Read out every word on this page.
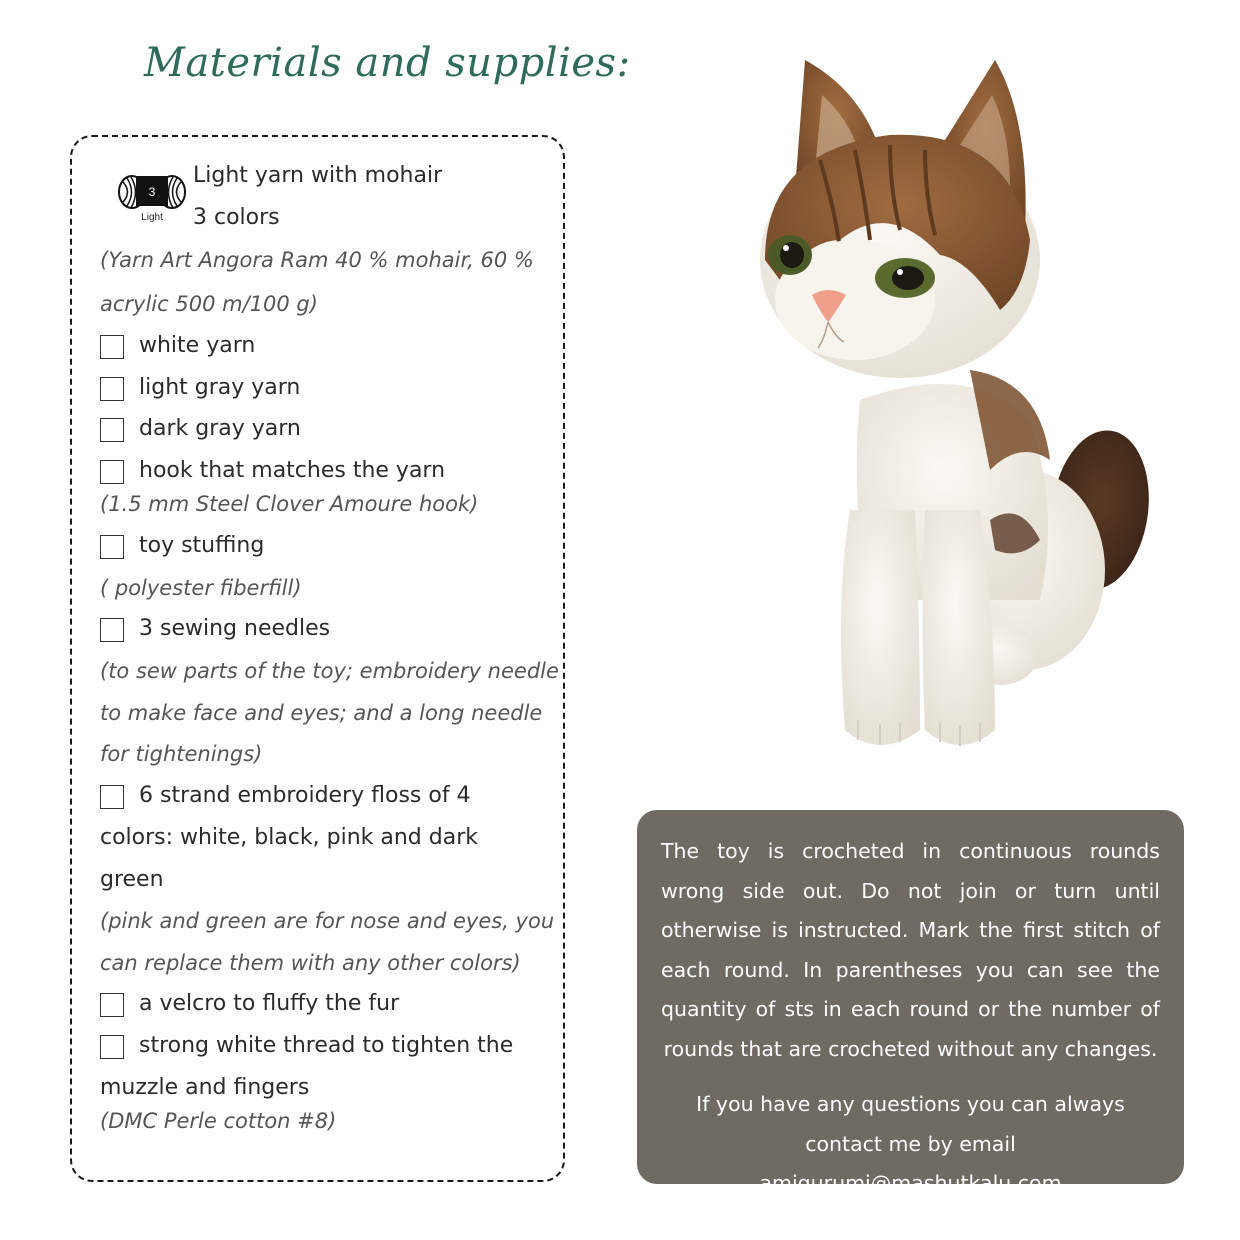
Materials and supplies:
3
Light
Light yarn with mohair
3 colors
(Yarn Art Angora Ram 40 % mohair, 60 %
acrylic 500 m/100 g)
white yarn
light gray yarn
dark gray yarn
hook that matches the yarn
(1.5 mm Steel Clover Amoure hook)
toy stuffing
( polyester fiberfill)
3 sewing needles
(to sew parts of the toy; embroidery needle
to make face and eyes; and a long needle
for tightenings)
6 strand embroidery floss of 4
colors: white, black, pink and dark
green
(pink and green are for nose and eyes, you
can replace them with any other colors)
a velcro to fluffy the fur
strong white thread to tighten the
muzzle and fingers
(DMC Perle cotton #8)

The toy is crocheted in continuous rounds wrong side out. Do not join or turn until otherwise is instructed. Mark the first stitch of each round. In parentheses you can see the quantity of sts in each round or the number of rounds that are crocheted without any changes.

If you have any questions you can always contact me by email amigurumi@mashutkalu.com
